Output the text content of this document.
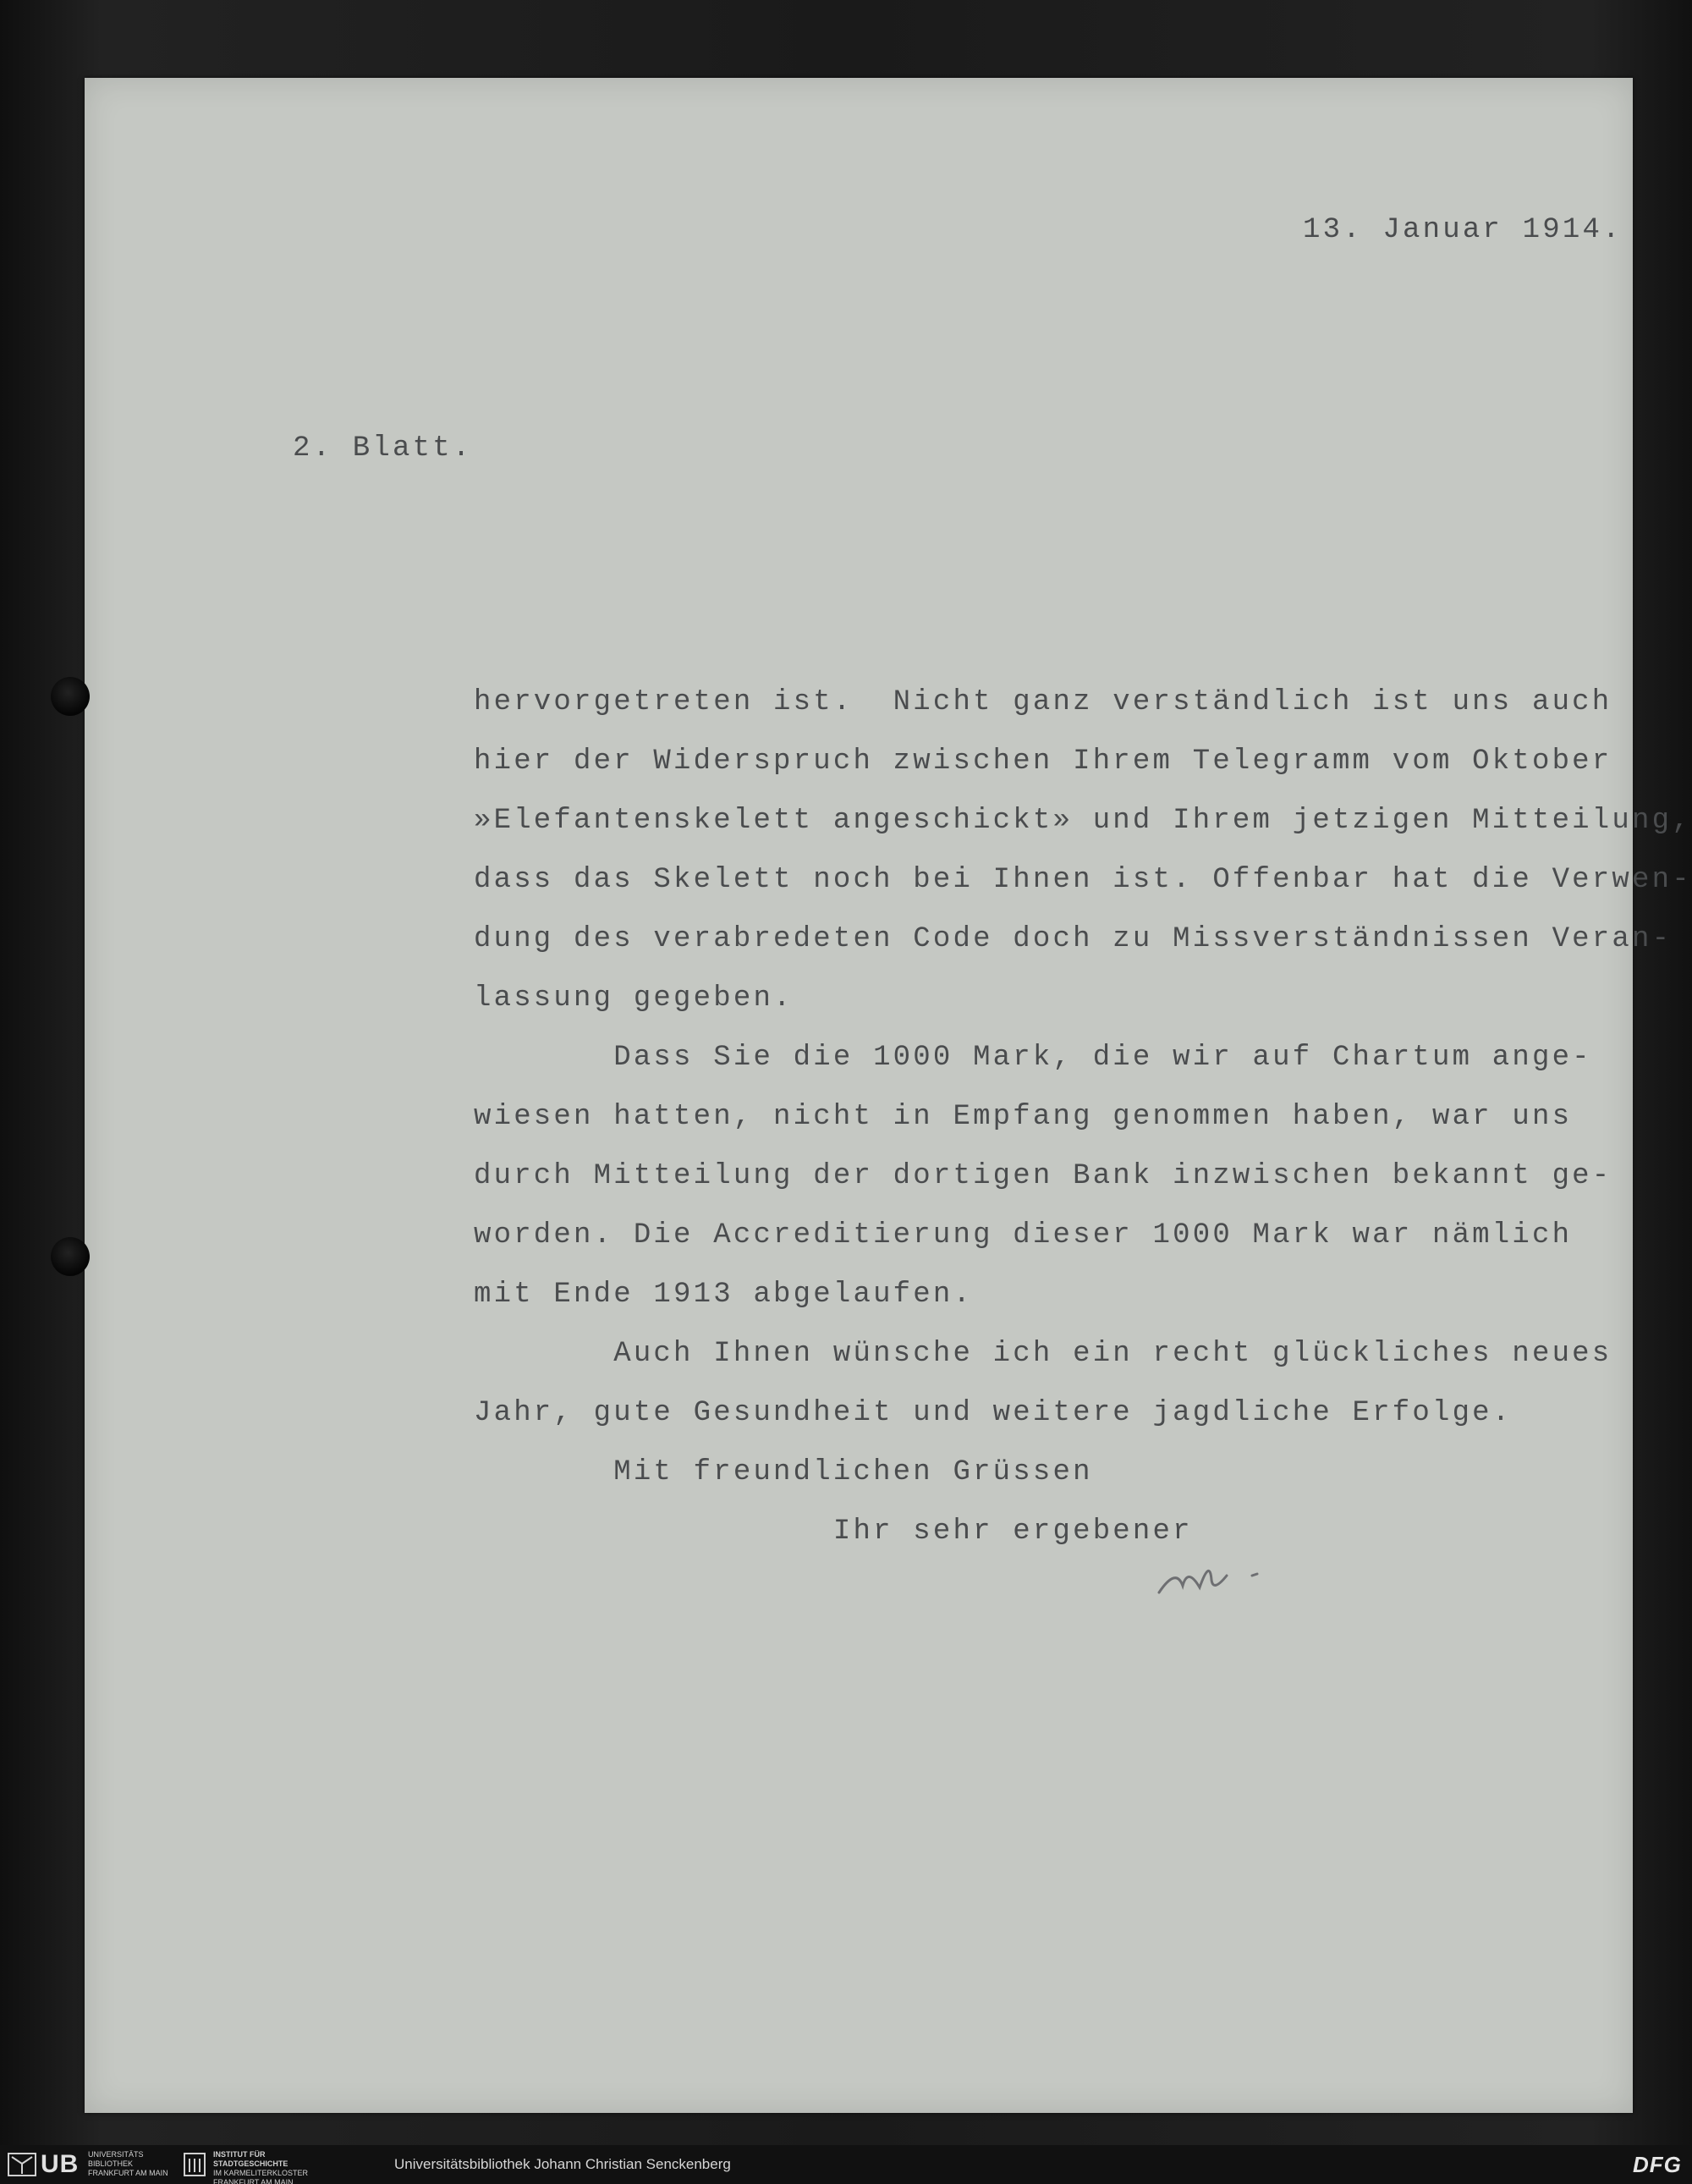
13. Januar 1914.
2. Blatt.
hervorgetreten ist.  Nicht ganz verständlich ist uns auch
hier der Widerspruch zwischen Ihrem Telegramm vom Oktober
»Elefantenskelett angeschickt» und Ihrem jetzigen Mitteilung,
dass das Skelett noch bei Ihnen ist. Offenbar hat die Verwen-
dung des verabredeten Code doch zu Missverständnissen Veran-
lassung gegeben.
Dass Sie die 1000 Mark, die wir auf Chartum ange-
wiesen hatten, nicht in Empfang genommen haben, war uns
durch Mitteilung der dortigen Bank inzwischen bekannt ge-
worden. Die Accreditierung dieser 1000 Mark war nämlich
mit Ende 1913 abgelaufen.
Auch Ihnen wünsche ich ein recht glückliches neues
Jahr, gute Gesundheit und weitere jagdliche Erfolge.
Mit freundlichen Grüssen
Ihr sehr ergebener
UB UNIVERSITÄTS
BIBLIOTHEK
FRANKFURT AM MAIN
INSTITUT FÜR
STADTGESCHICHTE
IM KARMELITERKLOSTER
FRANKFURT AM MAIN
Universitätsbibliothek Johann Christian Senckenberg	DFG
